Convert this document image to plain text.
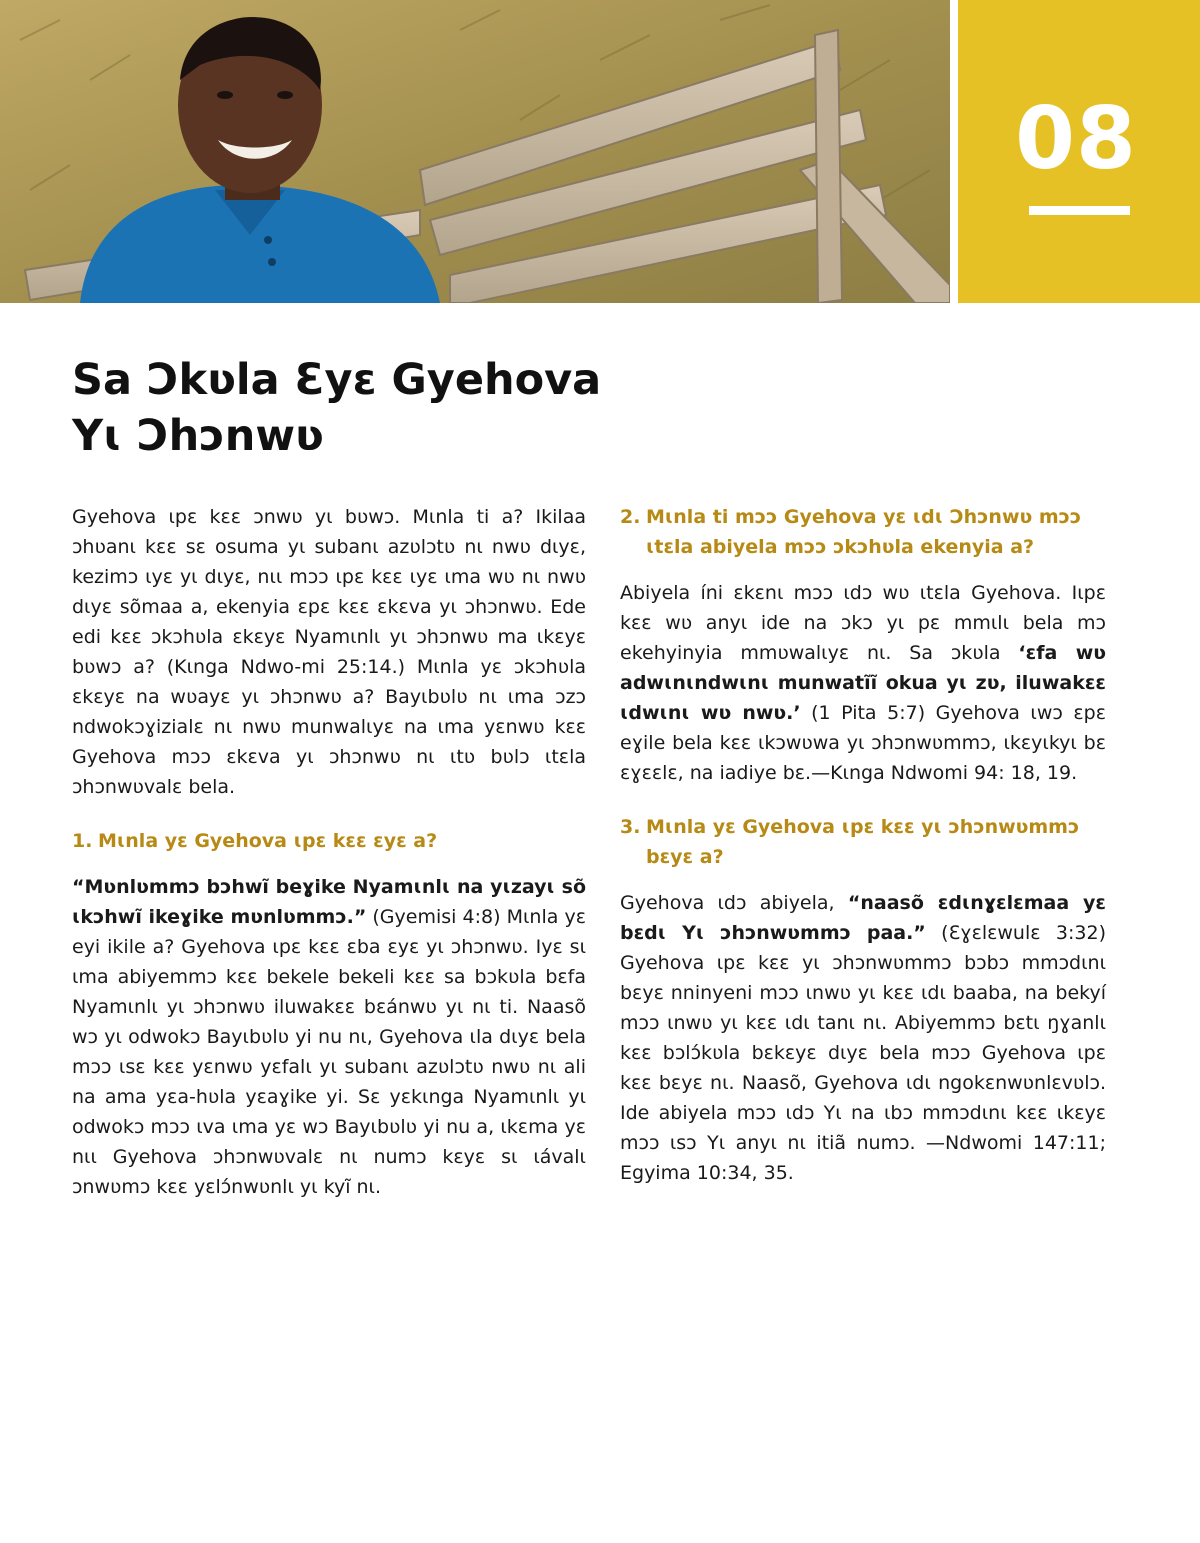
08
Sa Ɔkʋla Ɛyɛ Gyehova
Yɩ Ɔhɔnwʋ

Gyehova ɩpɛ kɛɛ ɔnwʋ yɩ bʋwɔ. Mɩnla ti a? Ikilaa ɔhʋanɩ kɛɛ sɛ osuma yɩ subanɩ azʋlɔtʋ nɩ nwʋ dɩyɛ, kezimɔ ɩyɛ yɩ dɩyɛ, nɩɩ mɔɔ ɩpɛ kɛɛ ɩyɛ ɩma wʋ nɩ nwʋ dɩyɛ sõmaa a, ekenyia ɛpɛ kɛɛ ɛkɛva yɩ ɔhɔnwʋ. Ede edi kɛɛ ɔkɔhʋla ɛkɛyɛ Nyamɩnlɩ yɩ ɔhɔnwʋ ma ɩkɛyɛ bʋwɔ a? (Kɩnga Ndwo-mi 25:14.) Mɩnla yɛ ɔkɔhʋla ɛkɛyɛ na wʋayɛ yɩ ɔhɔnwʋ a? Bayɩbʋlʋ nɩ ɩma ɔzɔ ndwokɔɣizialɛ nɩ nwʋ munwalɩyɛ na ɩma yɛnwʋ kɛɛ Gyehova mɔɔ ɛkɛva yɩ ɔhɔnwʋ nɩ ɩtʋ bʋlɔ ɩtɛla ɔhɔnwʋvalɛ bela.

1. Mɩnla yɛ Gyehova ɩpɛ kɛɛ ɛyɛ a?

“Mʋnlʋmmɔ bɔhwĩ beɣike Nyamɩnlɩ na yɩzayɩ sõ ɩkɔhwĩ ikeɣike mʋnlʋmmɔ.” (Gyemisi 4:8) Mɩnla yɛ eyi ikile a? Gyehova ɩpɛ kɛɛ ɛba ɛyɛ yɩ ɔhɔnwʋ. Iyɛ sɩ ɩma abiyemmɔ kɛɛ bekele bekeli kɛɛ sa bɔkʋla bɛfa Nyamɩnlɩ yɩ ɔhɔnwʋ iluwakɛɛ bɛánwʋ yɩ nɩ ti. Naasõ wɔ yɩ odwokɔ Bayɩbʋlʋ yi nu nɩ, Gyehova ɩla dɩyɛ bela mɔɔ ɩsɛ kɛɛ yɛnwʋ yɛfalɩ yɩ subanɩ azʋlɔtʋ nwʋ nɩ ali na ama yɛa-hʋla yɛaɣike yi. Sɛ yɛkɩnga Nyamɩnlɩ yɩ odwokɔ mɔɔ ɩva ɩma yɛ wɔ Bayɩbʋlʋ yi nu a, ɩkɛma yɛ nɩɩ Gyehova ɔhɔnwʋvalɛ nɩ numɔ kɛyɛ sɩ ɩávalɩ ɔnwʋmɔ kɛɛ yɛlɔ́nwʋnlɩ yɩ kyĩ nɩ.

2. Mɩnla ti mɔɔ Gyehova yɛ ɩdɩ Ɔhɔnwʋ mɔɔ
ɩtɛla abiyela mɔɔ ɔkɔhʋla ekenyia a?

Abiyela íni ɛkɛnɩ mɔɔ ɩdɔ wʋ ɩtɛla Gyehova. Iɩpɛ kɛɛ wʋ anyɩ ide na ɔkɔ yɩ pɛ mmɩlɩ bela mɔ ekehyinyia mmʋwalɩyɛ nɩ. Sa ɔkʋla ‘ɛfa wʋ adwɩnɩndwɩnɩ munwatĩĩ okua yɩ zʋ, iluwakɛɛ ɩdwɩnɩ wʋ nwʋ.’ (1 Pita 5:7) Gyehova ɩwɔ ɛpɛ eɣile bela kɛɛ ɩkɔwʋwa yɩ ɔhɔnwʋmmɔ, ɩkɛyɩkyɩ bɛ ɛɣɛɛlɛ, na iadiye bɛ.—Kɩnga Ndwomi 94: 18, 19.

3. Mɩnla yɛ Gyehova ɩpɛ kɛɛ yɩ ɔhɔnwʋmmɔ
bɛyɛ a?

Gyehova ɩdɔ abiyela, “naasõ ɛdɩnɣɛlɛmaa yɛ bɛdɩ Yɩ ɔhɔnwʋmmɔ paa.” (Ɛɣɛlɛwulɛ 3:32) Gyehova ɩpɛ kɛɛ yɩ ɔhɔnwʋmmɔ bɔbɔ mmɔdɩnɩ bɛyɛ nninyeni mɔɔ ɩnwʋ yɩ kɛɛ ɩdɩ baaba, na bekyí mɔɔ ɩnwʋ yɩ kɛɛ ɩdɩ tanɩ nɩ. Abiyemmɔ bɛtɩ ŋɣanlɩ kɛɛ bɔlɔ́kʋla bɛkɛyɛ dɩyɛ bela mɔɔ Gyehova ɩpɛ kɛɛ bɛyɛ nɩ. Naasõ, Gyehova ɩdɩ ngokɛnwʋnlɛvʋlɔ. Ide abiyela mɔɔ ɩdɔ Yɩ na ɩbɔ mmɔdɩnɩ kɛɛ ɩkɛyɛ mɔɔ ɩsɔ Yɩ anyɩ nɩ itiã numɔ. —Ndwomi 147:11; Egyima 10:34, 35.
